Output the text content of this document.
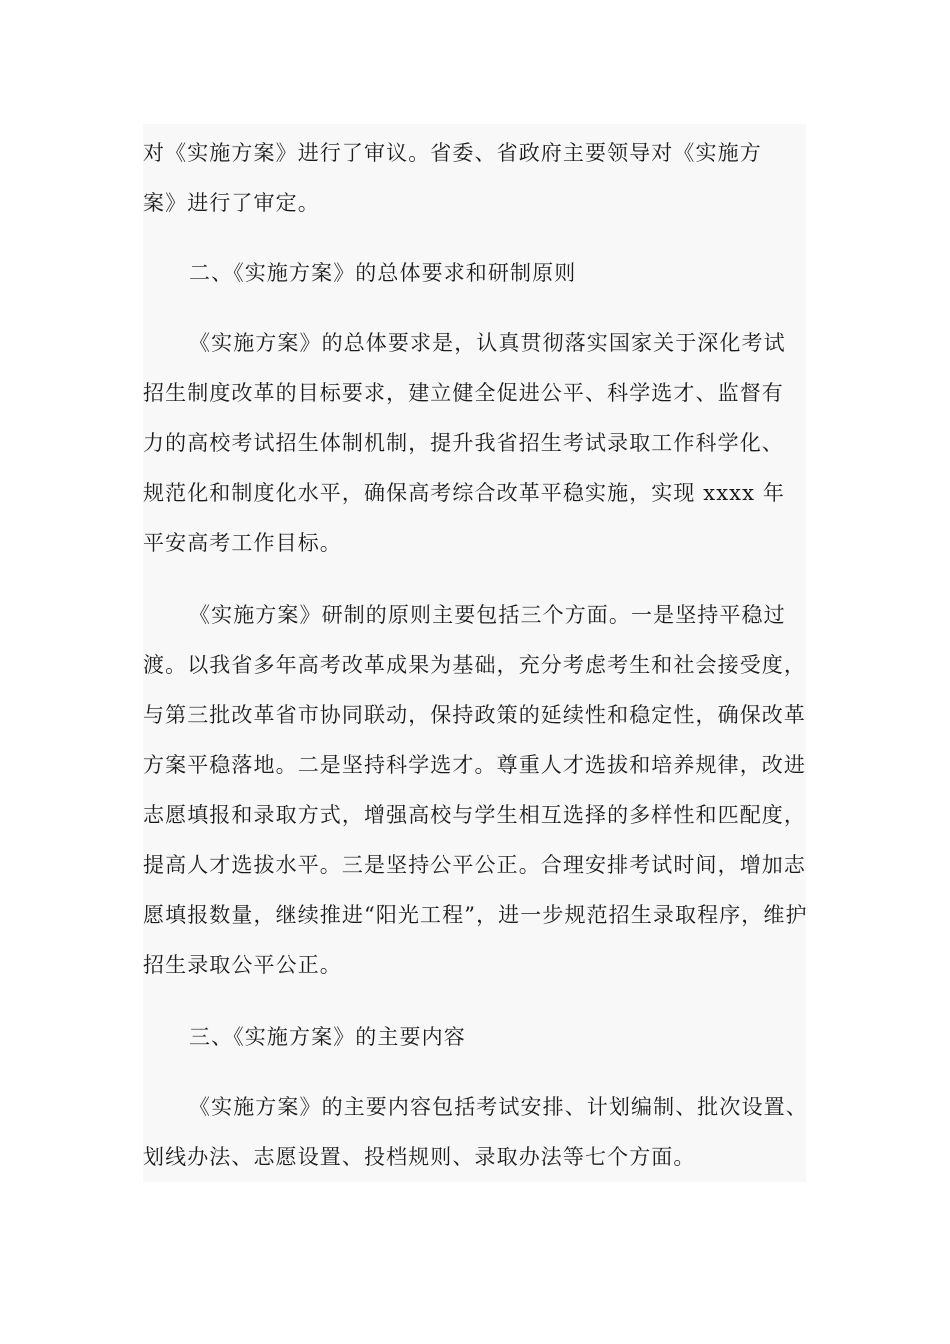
对《实施方案》进行了审议。省委、省政府主要领导对《实施方案》进行了审定。
二、《实施方案》的总体要求和研制原则
《实施方案》的总体要求是，认真贯彻落实国家关于深化考试招生制度改革的目标要求，建立健全促进公平、科学选才、监督有力的高校考试招生体制机制，提升我省招生考试录取工作科学化、规范化和制度化水平，确保高考综合改革平稳实施，实现 xxxx 年平安高考工作目标。
《实施方案》研制的原则主要包括三个方面。一是坚持平稳过渡。以我省多年高考改革成果为基础，充分考虑考生和社会接受度，与第三批改革省市协同联动，保持政策的延续性和稳定性，确保改革方案平稳落地。二是坚持科学选才。尊重人才选拔和培养规律，改进志愿填报和录取方式，增强高校与学生相互选择的多样性和匹配度，提高人才选拔水平。三是坚持公平公正。合理安排考试时间，增加志愿填报数量，继续推进“阳光工程”，进一步规范招生录取程序，维护招生录取公平公正。
三、《实施方案》的主要内容
《实施方案》的主要内容包括考试安排、计划编制、批次设置、划线办法、志愿设置、投档规则、录取办法等七个方面。
